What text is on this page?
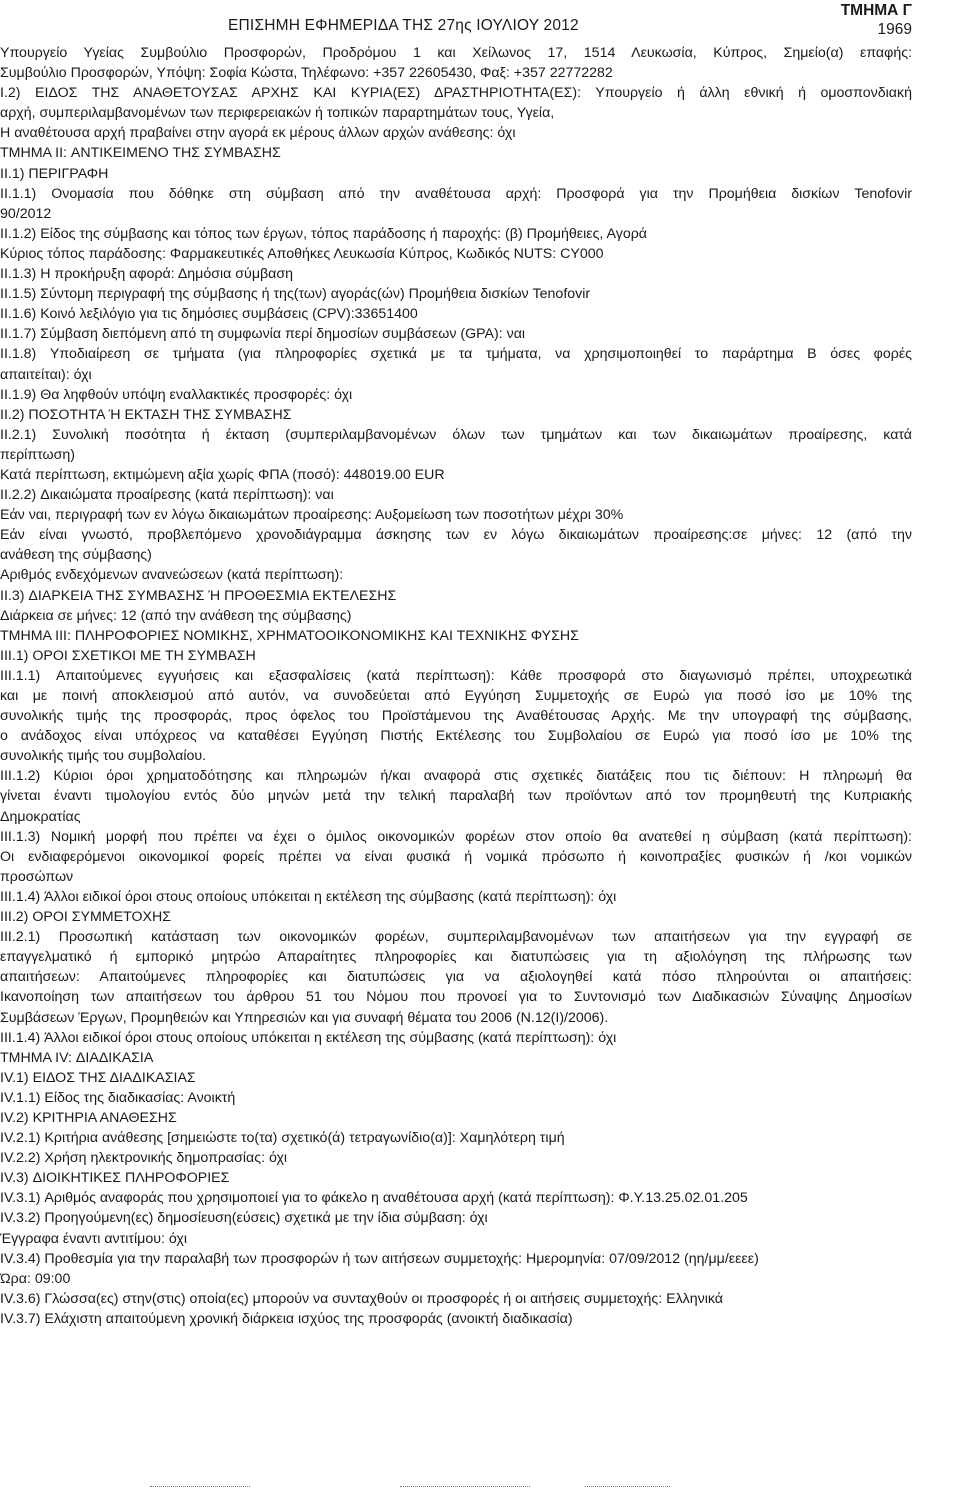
ΕΠΙΣΗΜΗ ΕΦΗΜΕΡΙΔΑ ΤΗΣ 27ης ΙΟΥΛΙΟΥ 2012
ΤΜΗΜΑ Γ
1969
Υπουργείο Υγείας Συμβούλιο Προσφορών, Προδρόμου 1 και Χείλωνος 17, 1514 Λευκωσία, Κύπρος, Σημείο(α) επαφής:
Συμβούλιο Προσφορών, Υπόψη: Σοφία Κώστα, Τηλέφωνο: +357 22605430, Φαξ: +357 22772282
I.2) ΕΙΔΟΣ ΤΗΣ ΑΝΑΘΕΤΟΥΣΑΣ ΑΡΧΗΣ ΚΑΙ ΚΥΡΙΑ(ΕΣ) ΔΡΑΣΤΗΡΙΟΤΗΤΑ(ΕΣ): Υπουργείο ή άλλη εθνική ή ομοσπονδιακή
αρχή, συμπεριλαμβανομένων των περιφερειακών ή τοπικών παραρτημάτων τους, Υγεία,
Η αναθέτουσα αρχή πραβαίνει στην αγορά εκ μέρους άλλων αρχών ανάθεσης: όχι
ΤΜΗΜΑ II: ΑΝΤΙΚΕΙΜΕΝΟ ΤΗΣ ΣΥΜΒΑΣΗΣ
II.1) ΠΕΡΙΓΡΑΦΗ
II.1.1) Ονομασία που δόθηκε στη σύμβαση από την αναθέτουσα αρχή: Προσφορά για την Προμήθεια δισκίων Tenofovir
90/2012
II.1.2) Είδος της σύμβασης και τόπος των έργων, τόπος παράδοσης ή παροχής: (β) Προμήθειες, Αγορά
Κύριος τόπος παράδοσης: Φαρμακευτικές Αποθήκες Λευκωσία Κύπρος, Κωδικός NUTS: CY000
II.1.3) Η προκήρυξη αφορά: Δημόσια σύμβαση
II.1.5) Σύντομη περιγραφή της σύμβασης ή της(των) αγοράς(ών) Προμήθεια δισκίων Tenofovir
II.1.6) Κοινό λεξιλόγιο για τις δημόσιες συμβάσεις (CPV):33651400
II.1.7) Σύμβαση διεπόμενη από τη συμφωνία περί δημοσίων συμβάσεων (GPA): ναι
II.1.8) Υποδιαίρεση σε τμήματα (για πληροφορίες σχετικά με τα τμήματα, να χρησιμοποιηθεί το παράρτημα Β όσες φορές
απαιτείται): όχι
II.1.9) Θα ληφθούν υπόψη εναλλακτικές προσφορές: όχι
II.2) ΠΟΣΟΤΗΤΑ Ή ΕΚΤΑΣΗ ΤΗΣ ΣΥΜΒΑΣΗΣ
II.2.1) Συνολική ποσότητα ή έκταση (συμπεριλαμβανομένων όλων των τμημάτων και των δικαιωμάτων προαίρεσης, κατά
περίπτωση)
Κατά περίπτωση, εκτιμώμενη αξία χωρίς ΦΠΑ (ποσό): 448019.00 EUR
II.2.2) Δικαιώματα προαίρεσης (κατά περίπτωση): ναι
Εάν ναι, περιγραφή των εν λόγω δικαιωμάτων προαίρεσης: Αυξομείωση των ποσοτήτων μέχρι 30%
Εάν είναι γνωστό, προβλεπόμενο χρονοδιάγραμμα άσκησης των εν λόγω δικαιωμάτων προαίρεσης:σε μήνες: 12 (από την
ανάθεση της σύμβασης)
Αριθμός ενδεχόμενων ανανεώσεων (κατά περίπτωση):
II.3) ΔΙΑΡΚΕΙΑ ΤΗΣ ΣΥΜΒΑΣΗΣ Ή ΠΡΟΘΕΣΜΙΑ ΕΚΤΕΛΕΣΗΣ
Διάρκεια σε μήνες: 12 (από την ανάθεση της σύμβασης)
ΤΜΗΜΑ III: ΠΛΗΡΟΦΟΡΙΕΣ ΝΟΜΙΚΗΣ, ΧΡΗΜΑΤΟΟΙΚΟΝΟΜΙΚΗΣ ΚΑΙ ΤΕΧΝΙΚΗΣ ΦΥΣΗΣ
III.1) ΟΡΟΙ ΣΧΕΤΙΚΟΙ ΜΕ ΤΗ ΣΥΜΒΑΣΗ
III.1.1) Απαιτούμενες εγγυήσεις και εξασφαλίσεις (κατά περίπτωση): Κάθε προσφορά στο διαγωνισμό πρέπει, υποχρεωτικά
και με ποινή αποκλεισμού από αυτόν, να συνοδεύεται από Εγγύηση Συμμετοχής σε Ευρώ για ποσό ίσο με 10% της
συνολικής τιμής της προσφοράς, προς όφελος του Προϊστάμενου της Αναθέτουσας Αρχής. Με την υπογραφή της σύμβασης,
ο ανάδοχος είναι υπόχρεος να καταθέσει Εγγύηση Πιστής Εκτέλεσης του Συμβολαίου σε Ευρώ για ποσό ίσο με 10% της
συνολικής τιμής του συμβολαίου.
III.1.2) Κύριοι όροι χρηματοδότησης και πληρωμών ή/και αναφορά στις σχετικές διατάξεις που τις διέπουν: Η πληρωμή θα
γίνεται έναντι τιμολογίου εντός δύο μηνών μετά την τελική παραλαβή των προϊόντων από τον προμηθευτή της Κυπριακής
Δημοκρατίας
III.1.3) Νομική μορφή που πρέπει να έχει ο όμιλος οικονομικών φορέων στον οποίο θα ανατεθεί η σύμβαση (κατά περίπτωση):
Οι ενδιαφερόμενοι οικονομικοί φορείς πρέπει να είναι φυσικά ή νομικά πρόσωπο ή κοινοπραξίες φυσικών ή /κοι νομικών
προσώπων
III.1.4) Άλλοι ειδικοί όροι στους οποίους υπόκειται η εκτέλεση της σύμβασης (κατά περίπτωση): όχι
III.2) ΟΡΟΙ ΣΥΜΜΕΤΟΧΗΣ
III.2.1) Προσωπική κατάσταση των οικονομικών φορέων, συμπεριλαμβανομένων των απαιτήσεων για την εγγραφή σε
επαγγελματικό ή εμπορικό μητρώο Απαραίτητες πληροφορίες και διατυπώσεις για τη αξιολόγηση της πλήρωσης των
απαιτήσεων: Απαιτούμενες πληροφορίες και διατυπώσεις για να αξιολογηθεί κατά πόσο πληρούνται οι απαιτήσεις:
Ικανοποίηση των απαιτήσεων του άρθρου 51 του Νόμου που προνοεί για το Συντονισμό των Διαδικασιών Σύναψης Δημοσίων
Συμβάσεων Έργων, Προμηθειών και Υπηρεσιών και για συναφή θέματα του 2006 (Ν.12(I)/2006).
III.1.4) Άλλοι ειδικοί όροι στους οποίους υπόκειται η εκτέλεση της σύμβασης (κατά περίπτωση): όχι
ΤΜΗΜΑ IV: ΔΙΑΔΙΚΑΣΙΑ
IV.1) ΕΙΔΟΣ ΤΗΣ ΔΙΑΔΙΚΑΣΙΑΣ
IV.1.1) Είδος της διαδικασίας: Ανοικτή
IV.2) ΚΡΙΤΗΡΙΑ ΑΝΑΘΕΣΗΣ
IV.2.1) Κριτήρια ανάθεσης [σημειώστε το(τα) σχετικό(ά) τετραγωνίδιο(α)]: Χαμηλότερη τιμή
IV.2.2) Χρήση ηλεκτρονικής δημοπρασίας: όχι
IV.3) ΔΙΟΙΚΗΤΙΚΕΣ ΠΛΗΡΟΦΟΡΙΕΣ
IV.3.1) Αριθμός αναφοράς που χρησιμοποιεί για το φάκελο η αναθέτουσα αρχή (κατά περίπτωση): Φ.Υ.13.25.02.01.205
IV.3.2) Προηγούμενη(ες) δημοσίευση(εύσεις) σχετικά με την ίδια σύμβαση: όχι
Έγγραφα έναντι αντιτίμου: όχι
IV.3.4) Προθεσμία για την παραλαβή των προσφορών ή των αιτήσεων συμμετοχής: Ημερομηνία: 07/09/2012 (ηη/μμ/εεεε)
Ώρα: 09:00
IV.3.6) Γλώσσα(ες) στην(στις) οποία(ες) μπορούν να συνταχθούν οι προσφορές ή οι αιτήσεις συμμετοχής: Ελληνικά
IV.3.7) Ελάχιστη απαιτούμενη χρονική διάρκεια ισχύος της προσφοράς (ανοικτή διαδικασία)
